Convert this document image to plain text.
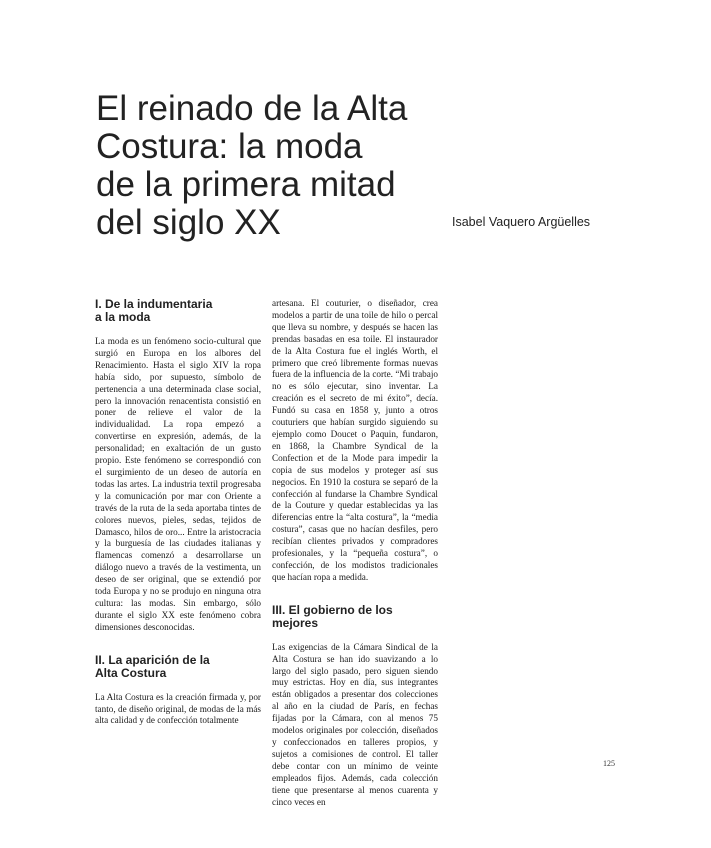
El reinado de la Alta
Costura: la moda
de la primera mitad
del siglo XX	Isabel Vaquero Argüelles
I. De la indumentaria
a la moda

La moda es un fenómeno socio-cultural que surgió en Europa en los albores del Renacimiento. Hasta el siglo XIV la ropa había sido, por supuesto, símbolo de pertenencia a una determinada clase social, pero la innovación renacentista consistió en poner de relieve el valor de la individualidad. La ropa empezó a convertirse en expresión, además, de la personalidad; en exaltación de un gusto propio. Este fenómeno se correspondió con el surgimiento de un deseo de autoría en todas las artes. La industria textil progresaba y la comunicación por mar con Oriente a través de la ruta de la seda aportaba tintes de colores nuevos, pieles, sedas, tejidos de Damasco, hilos de oro... Entre la aristocracia y la burguesía de las ciudades italianas y flamencas comenzó a desarrollarse un diálogo nuevo a través de la vestimenta, un deseo de ser original, que se extendió por toda Europa y no se produjo en ninguna otra cultura: las modas. Sin embargo, sólo durante el siglo XX este fenómeno cobra dimensiones desconocidas.

II. La aparición de la
Alta Costura

La Alta Costura es la creación firmada y, por tanto, de diseño original, de modas de la más alta calidad y de confección totalmente

artesana. El couturier, o diseñador, crea modelos a partir de una toile de hilo o percal que lleva su nombre, y después se hacen las prendas basadas en esa toile. El instaurador de la Alta Costura fue el inglés Worth, el primero que creó libremente formas nuevas fuera de la influencia de la corte. “Mi trabajo no es sólo ejecutar, sino inventar. La creación es el secreto de mi éxito”, decía. Fundó su casa en 1858 y, junto a otros couturiers que habían surgido siguiendo su ejemplo como Doucet o Paquin, fundaron, en 1868, la Chambre Syndical de la Confection et de la Mode para impedir la copia de sus modelos y proteger así sus negocios. En 1910 la costura se separó de la confección al fundarse la Chambre Syndical de la Couture y quedar establecidas ya las diferencias entre la “alta costura”, la “media costura”, casas que no hacían desfiles, pero recibían clientes privados y compradores profesionales, y la “pequeña costura”, o confección, de los modistos tradicionales que hacían ropa a medida.

III. El gobierno de los mejores

Las exigencias de la Cámara Sindical de la Alta Costura se han ido suavizando a lo largo del siglo pasado, pero siguen siendo muy estrictas. Hoy en día, sus integrantes están obligados a presentar dos colecciones al año en la ciudad de París, en fechas fijadas por la Cámara, con al menos 75 modelos originales por colección, diseñados y confeccionados en talleres propios, y sujetos a comisiones de control. El taller debe contar con un mínimo de veinte empleados fijos. Además, cada colección tiene que presentarse al menos cuarenta y cinco veces en

125
